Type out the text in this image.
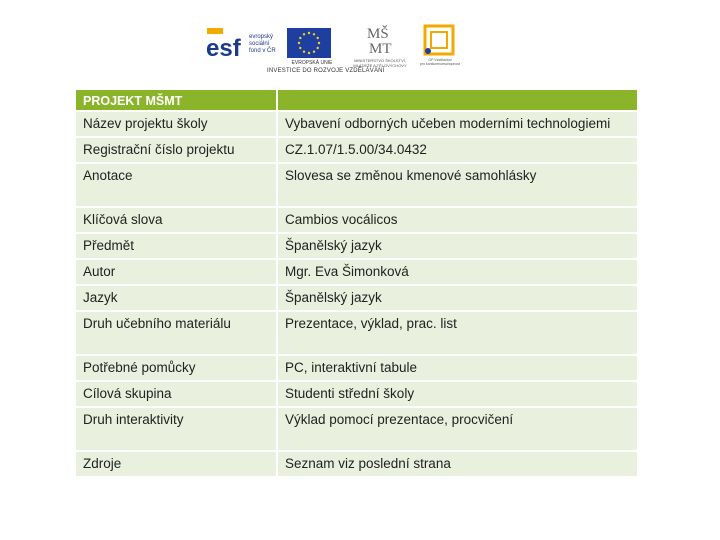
esf evropský
sociální
fond v ČR
EVROPSKÁ UNIE
MŠ
MT
MINISTERSTVO ŠKOLSTVÍ,
MLÁDEŽE A TĚLOVÝCHOVY
OP Vzdělávání
pro konkurenceschopnost
INVESTICE DO ROZVOJE VZDĚLÁVÁNÍ
PROJEKT MŠMT	
Název projektu školy	Vybavení odborných učeben moderními technologiemi
Registrační číslo projektu	CZ.1.07/1.5.00/34.0432
Anotace	Slovesa se změnou kmenové samohlásky
Klíčová slova	Cambios vocálicos
Předmět	Španělský jazyk
Autor	Mgr. Eva Šimonková
Jazyk	Španělský jazyk
Druh učebního materiálu	Prezentace, výklad, prac. list
Potřebné pomůcky	PC, interaktivní tabule
Cílová skupina	Studenti střední školy
Druh interaktivity	Výklad pomocí prezentace, procvičení
Zdroje	Seznam viz poslední strana
